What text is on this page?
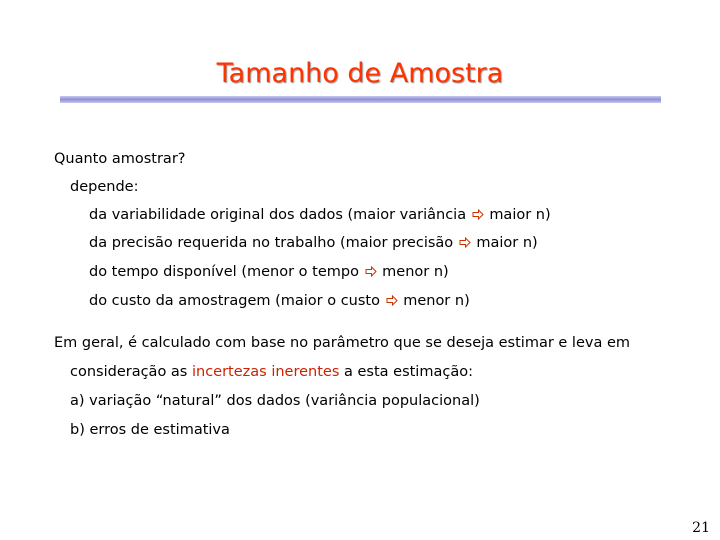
Tamanho de Amostra
Quanto amostrar?
depende:
da variabilidade original dos dados (maior variância maior n)
da precisão requerida no trabalho (maior precisão maior n)
do tempo disponível (menor o tempo menor n)
do custo da amostragem (maior o custo menor n)
Em geral, é calculado com base no parâmetro que se deseja estimar e leva em
consideração as incertezas inerentes a esta estimação:
a) variação “natural” dos dados (variância populacional)
b) erros de estimativa
21
